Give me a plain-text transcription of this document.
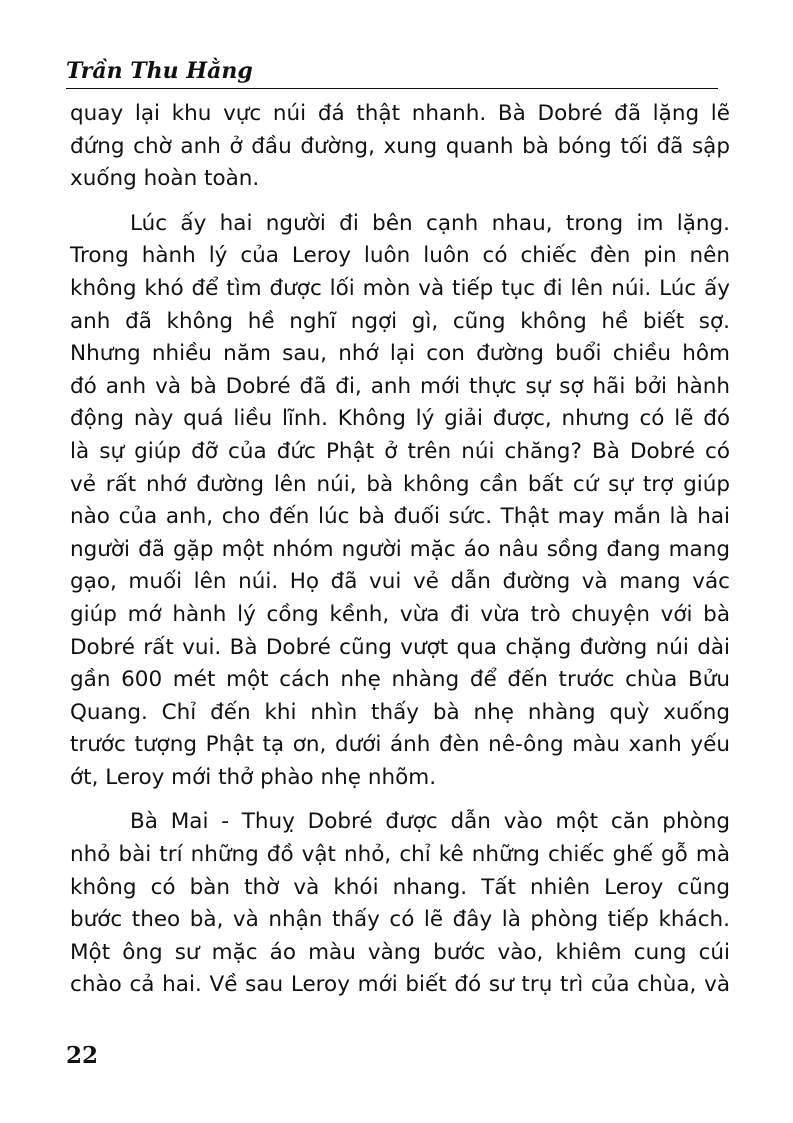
Trần Thu Hằng

quay lại khu vực núi đá thật nhanh. Bà Dobré đã lặng lẽ
đứng chờ anh ở đầu đường, xung quanh bà bóng tối đã sập
xuống hoàn toàn.

Lúc ấy hai người đi bên cạnh nhau, trong im lặng.
Trong hành lý của Leroy luôn luôn có chiếc đèn pin nên
không khó để tìm được lối mòn và tiếp tục đi lên núi. Lúc ấy
anh đã không hề nghĩ ngợi gì, cũng không hề biết sợ.
Nhưng nhiều năm sau, nhớ lại con đường buổi chiều hôm
đó anh và bà Dobré đã đi, anh mới thực sự sợ hãi bởi hành
động này quá liều lĩnh. Không lý giải được, nhưng có lẽ đó
là sự giúp đỡ của đức Phật ở trên núi chăng? Bà Dobré có
vẻ rất nhớ đường lên núi, bà không cần bất cứ sự trợ giúp
nào của anh, cho đến lúc bà đuối sức. Thật may mắn là hai
người đã gặp một nhóm người mặc áo nâu sồng đang mang
gạo, muối lên núi. Họ đã vui vẻ dẫn đường và mang vác
giúp mớ hành lý cồng kềnh, vừa đi vừa trò chuyện với bà
Dobré rất vui. Bà Dobré cũng vượt qua chặng đường núi dài
gần 600 mét một cách nhẹ nhàng để đến trước chùa Bửu
Quang. Chỉ đến khi nhìn thấy bà nhẹ nhàng quỳ xuống
trước tượng Phật tạ ơn, dưới ánh đèn nê-ông màu xanh yếu
ớt, Leroy mới thở phào nhẹ nhõm.

Bà Mai - Thuỵ Dobré được dẫn vào một căn phòng
nhỏ bài trí những đồ vật nhỏ, chỉ kê những chiếc ghế gỗ mà
không có bàn thờ và khói nhang. Tất nhiên Leroy cũng
bước theo bà, và nhận thấy có lẽ đây là phòng tiếp khách.
Một ông sư mặc áo màu vàng bước vào, khiêm cung cúi
chào cả hai. Về sau Leroy mới biết đó sư trụ trì của chùa, và

22
